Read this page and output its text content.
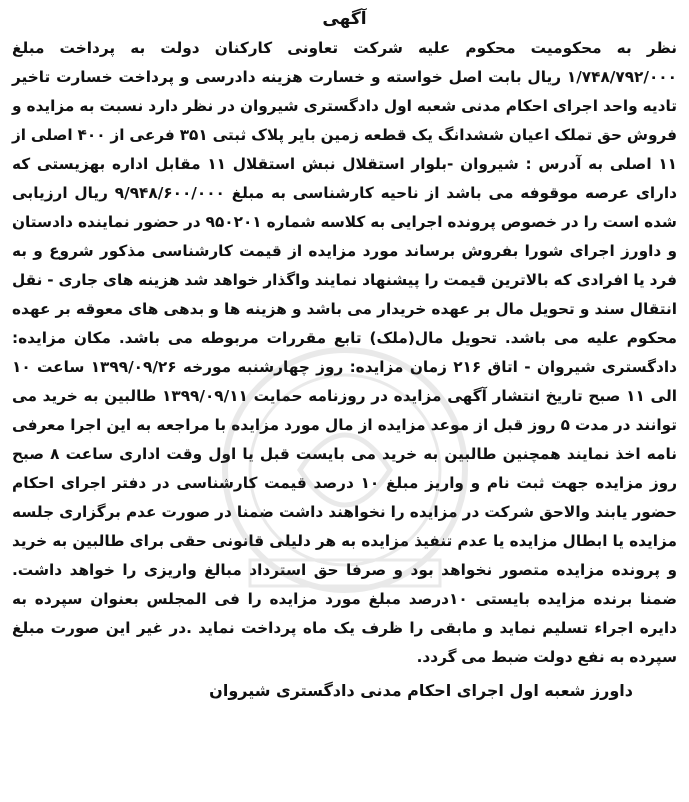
آگهی

نظر به محکومیت محکوم علیه شرکت تعاونی کارکنان دولت به پرداخت مبلغ ۱/۷۴۸/۷۹۲/۰۰۰ ریال بابت اصل خواسته و خسارت هزینه دادرسی و پرداخت خسارت تاخیر تادیه واحد اجرای احکام مدنی شعبه اول دادگستری شیروان در نظر دارد نسبت به مزایده و فروش حق تملک اعیان ششدانگ یک قطعه زمین بایر پلاک ثبتی ۳۵۱ فرعی از ۴۰۰ اصلی از ۱۱ اصلی به آدرس : شیروان -بلوار استقلال نبش استقلال ۱۱ مقابل اداره بهزیستی که دارای عرصه موقوفه می باشد از ناحیه کارشناسی به مبلغ ۹/۹۴۸/۶۰۰/۰۰۰ ریال ارزیابی شده است را در خصوص پرونده اجرایی به کلاسه شماره ۹۵۰۲۰۱ در حضور نماینده دادستان و داورز اجرای شورا بفروش برساند مورد مزایده از قیمت کارشناسی مذکور شروع و به فرد یا افرادی که بالاترین قیمت را پیشنهاد نمایند واگذار خواهد شد هزینه های جاری - نقل انتقال سند و تحویل مال بر عهده خریدار می باشد و هزینه ها و بدهی های معوقه بر عهده محکوم علیه می باشد. تحویل مال(ملک) تابع مقررات مربوطه می باشد.

مکان مزایده: دادگستری شیروان - اتاق ۲۱۶ زمان مزایده: روز چهارشنبه مورخه ۱۳۹۹/۰۹/۲۶ ساعت ۱۰ الی ۱۱ صبح تاریخ انتشار آگهی مزایده در روزنامه حمایت ۱۳۹۹/۰۹/۱۱ طالبین به خرید می توانند در مدت ۵ روز قبل از موعد مزایده از مال مورد مزایده با مراجعه به این اجرا معرفی نامه اخذ نمایند همچنین طالبین به خرید می بایست قبل یا اول وقت اداری ساعت ۸ صبح روز مزایده جهت ثبت نام و واریز مبلغ ۱۰ درصد قیمت کارشناسی در دفتر اجرای احکام حضور یابند والاحق شرکت در مزایده را نخواهند داشت ضمنا در صورت عدم برگزاری جلسه مزایده یا ابطال مزایده یا عدم تنفیذ مزایده به هر دلیلی قانونی حقی برای طالبین به خرید و پرونده مزایده متصور نخواهد بود و صرفا حق استرداد مبالغ واریزی را خواهد داشت. ضمنا برنده مزایده بایستی ۱۰درصد مبلغ مورد مزایده را فی المجلس بعنوان سپرده به دایره اجراء تسلیم نماید و مابقی را ظرف یک ماه پرداخت نماید .در غیر این صورت مبلغ سپرده به نفع دولت ضبط می گردد.

داورز شعبه اول اجرای احکام مدنی دادگستری شیروان
